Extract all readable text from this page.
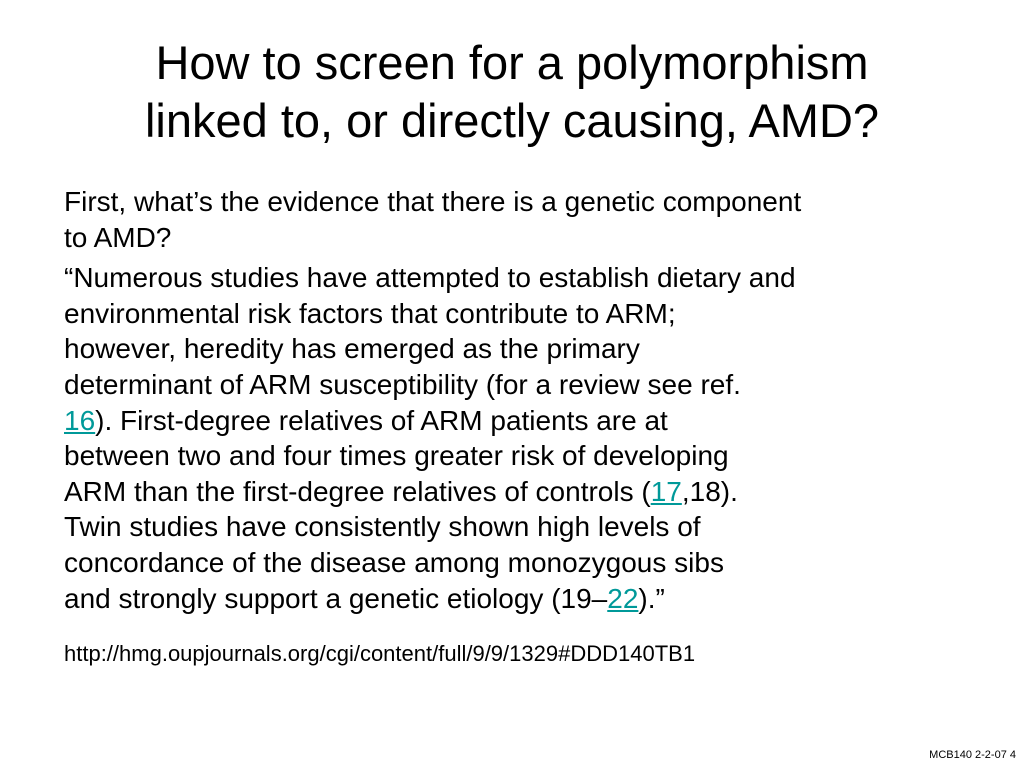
How to screen for a polymorphism
linked to, or directly causing, AMD?
First, what’s the evidence that there is a genetic component
to AMD?
“Numerous studies have attempted to establish dietary and
environmental risk factors that contribute to ARM;
however, heredity has emerged as the primary
determinant of ARM susceptibility (for a review see ref.
16). First-degree relatives of ARM patients are at
between two and four times greater risk of developing
ARM than the first-degree relatives of controls (17,18).
Twin studies have consistently shown high levels of
concordance of the disease among monozygous sibs
and strongly support a genetic etiology (19–22).”
http://hmg.oupjournals.org/cgi/content/full/9/9/1329#DDD140TB1
MCB140 2-2-07 4
